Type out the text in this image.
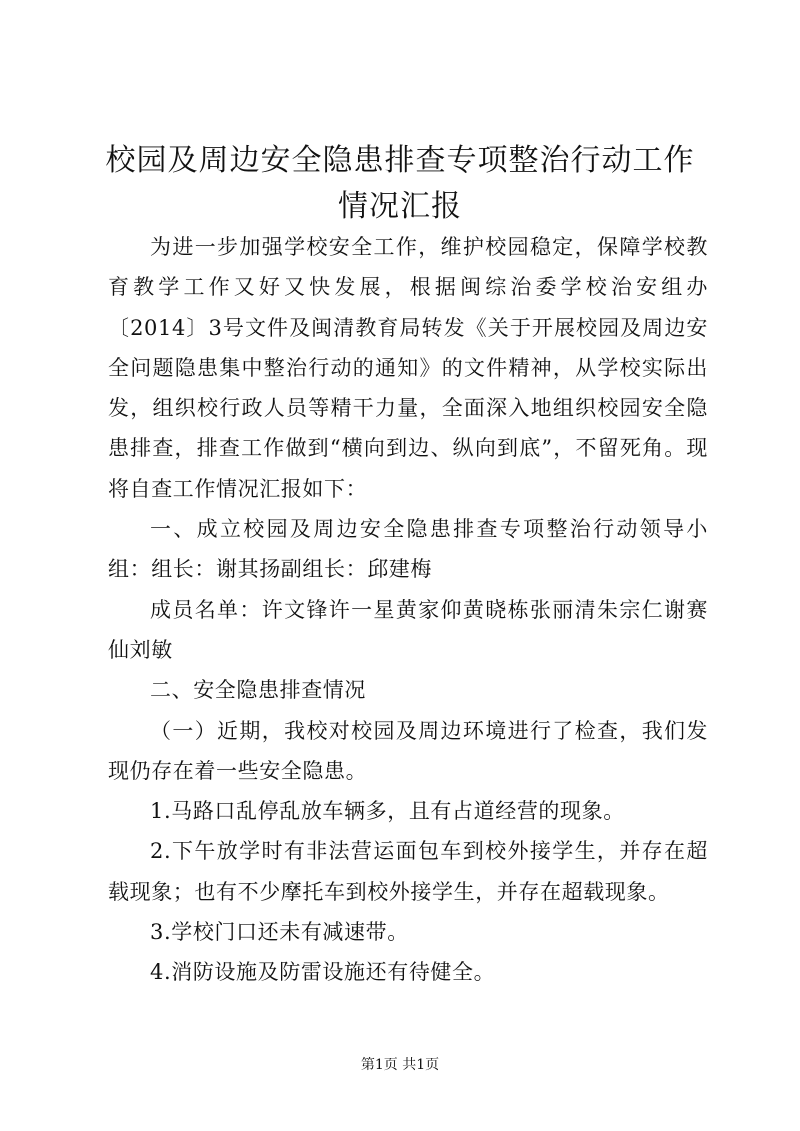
校园及周边安全隐患排查专项整治行动工作情况汇报

为进一步加强学校安全工作，维护校园稳定，保障学校教育教学工作又好又快发展，根据闽综治委学校治安组办〔2014〕3号文件及闽清教育局转发《关于开展校园及周边安全问题隐患集中整治行动的通知》的文件精神，从学校实际出发，组织校行政人员等精干力量，全面深入地组织校园安全隐患排查，排查工作做到“横向到边、纵向到底”，不留死角。现将自查工作情况汇报如下：

一、成立校园及周边安全隐患排查专项整治行动领导小组：组长：谢其扬副组长：邱建梅

成员名单：许文锋许一星黄家仰黄晓栋张丽清朱宗仁谢赛仙刘敏

二、安全隐患排查情况

（一）近期，我校对校园及周边环境进行了检查，我们发现仍存在着一些安全隐患。

1.马路口乱停乱放车辆多，且有占道经营的现象。

2.下午放学时有非法营运面包车到校外接学生，并存在超载现象；也有不少摩托车到校外接学生，并存在超载现象。

3.学校门口还未有减速带。

4.消防设施及防雷设施还有待健全。

第1页 共1页
